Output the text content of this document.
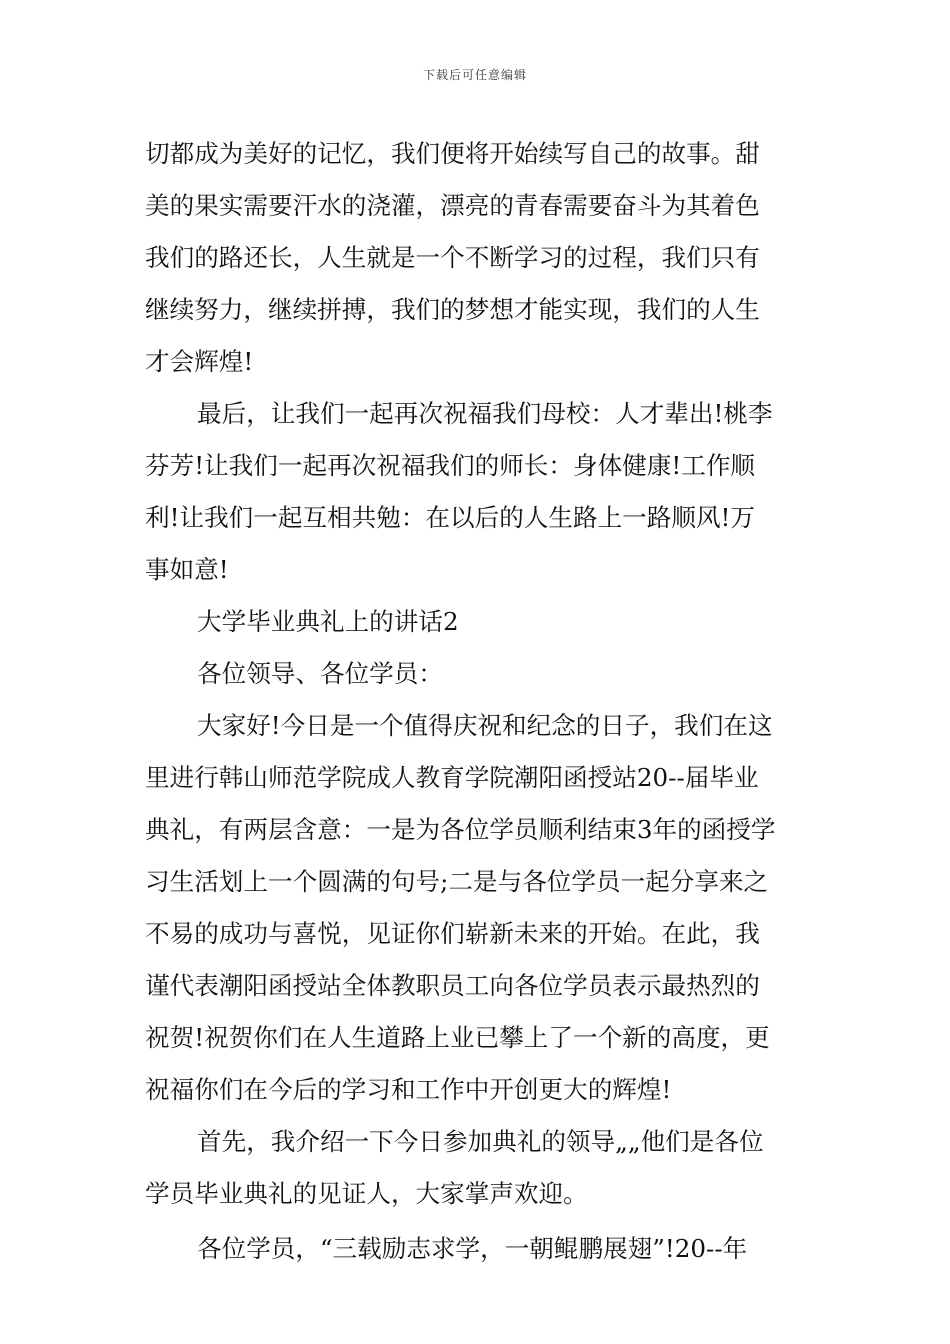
下载后可任意编辑
切都成为美好的记忆，我们便将开始续写自己的故事。甜
美的果实需要汗水的浇灌，漂亮的青春需要奋斗为其着色
我们的路还长，人生就是一个不断学习的过程，我们只有
继续努力，继续拼搏，我们的梦想才能实现，我们的人生
才会辉煌!
最后，让我们一起再次祝福我们母校：人才辈出!桃李
芬芳!让我们一起再次祝福我们的师长：身体健康!工作顺
利!让我们一起互相共勉：在以后的人生路上一路顺风!万
事如意!
大学毕业典礼上的讲话2
各位领导、各位学员：
大家好!今日是一个值得庆祝和纪念的日子，我们在这
里进行韩山师范学院成人教育学院潮阳函授站20--届毕业
典礼，有两层含意：一是为各位学员顺利结束3年的函授学
习生活划上一个圆满的句号;二是与各位学员一起分享来之
不易的成功与喜悦，见证你们崭新未来的开始。在此，我
谨代表潮阳函授站全体教职员工向各位学员表示最热烈的
祝贺!祝贺你们在人生道路上业已攀上了一个新的高度，更
祝福你们在今后的学习和工作中开创更大的辉煌!
首先，我介绍一下今日参加典礼的领导„„他们是各位
学员毕业典礼的见证人，大家掌声欢迎。
各位学员，“三载励志求学，一朝鲲鹏展翅”!20--年
